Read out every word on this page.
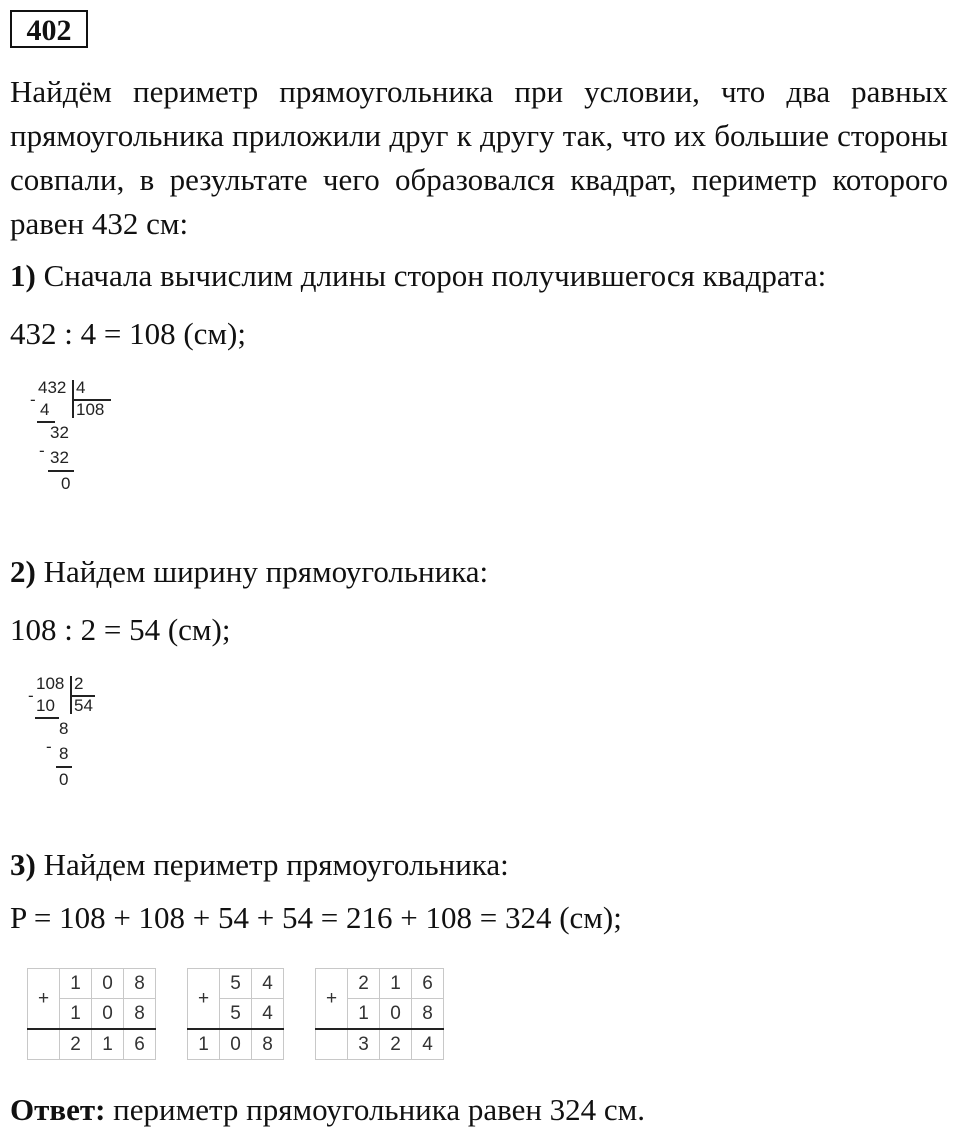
402
Найдём периметр прямоугольника при условии, что два равных прямоугольника приложили друг к другу так, что их большие стороны совпали, в результате чего образовался квадрат, периметр которого равен 432 см:
1) Сначала вычислим длины сторон получившегося квадрата:
432 : 4 = 108 (см);
432 4
108
-
4
32
- 32
0
2) Найдем ширину прямоугольника:
108 : 2 = 54 (см);
108 2
54
-
10
8
- 8
0
3) Найдем периметр прямоугольника:
P = 108 + 108 + 54 + 54 = 216 + 108 = 324 (см);
+	1	0	8
	1	0	8
	2	1	6
+	5	4
	5	4
1	0	8
+	2	1	6
	1	0	8
	3	2	4
Ответ: периметр прямоугольника равен 324 см.
